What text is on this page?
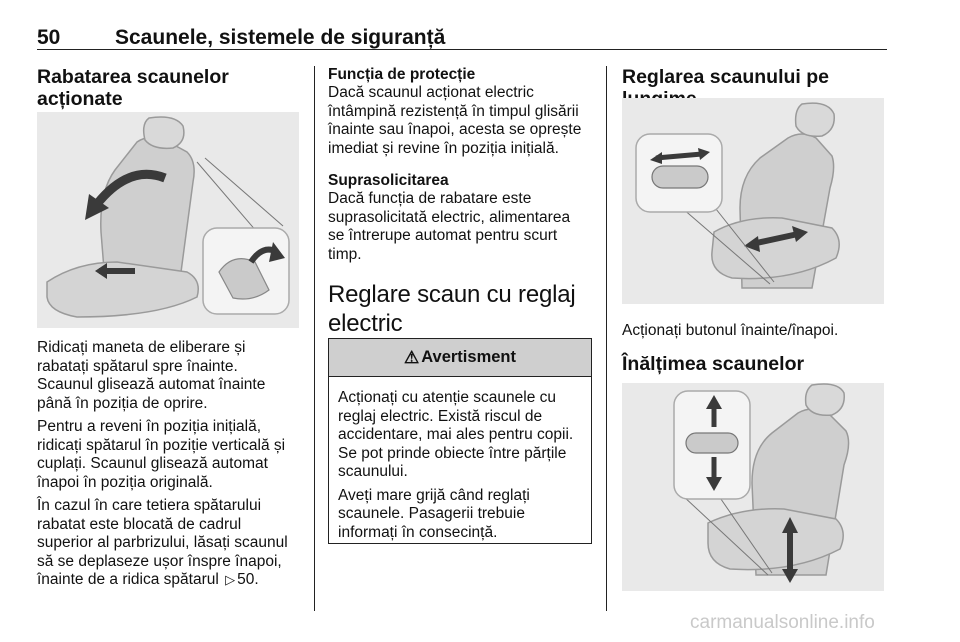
50	Scaunele, sistemele de siguranță
Rabatarea scaunelor acționate
Ridicați maneta de eliberare și
rabatați spătarul spre înainte.
Scaunul glisează automat înainte
până în poziția de oprire.
Pentru a reveni în poziția inițială,
ridicați spătarul în poziție verticală și
cuplați. Scaunul glisează automat
înapoi în poziția originală.
În cazul în care tetiera spătarului
rabatat este blocată de cadrul
superior al parbrizului, lăsați scaunul
să se deplaseze ușor înspre înapoi,
înainte de a ridica spătarul ▷ 50.
Funcția de protecție
Dacă scaunul acționat electric
întâmpină rezistență în timpul glisării
înainte sau înapoi, acesta se oprește
imediat și revine în poziția inițială.
Suprasolicitarea
Dacă funcția de rabatare este
suprasolicitată electric, alimentarea
se întrerupe automat pentru scurt
timp.
Reglare scaun cu reglaj
electric
⚠ Avertisment
Acționați cu atenție scaunele cu
reglaj electric. Există riscul de
accidentare, mai ales pentru copii.
Se pot prinde obiecte între părțile
scaunului.
Aveți mare grijă când reglați
scaunele. Pasagerii trebuie
informați în consecință.
Reglarea scaunului pe
Acționați butonul înainte/înapoi.
Înălțimea scaunelor
carmanualsonline.info
